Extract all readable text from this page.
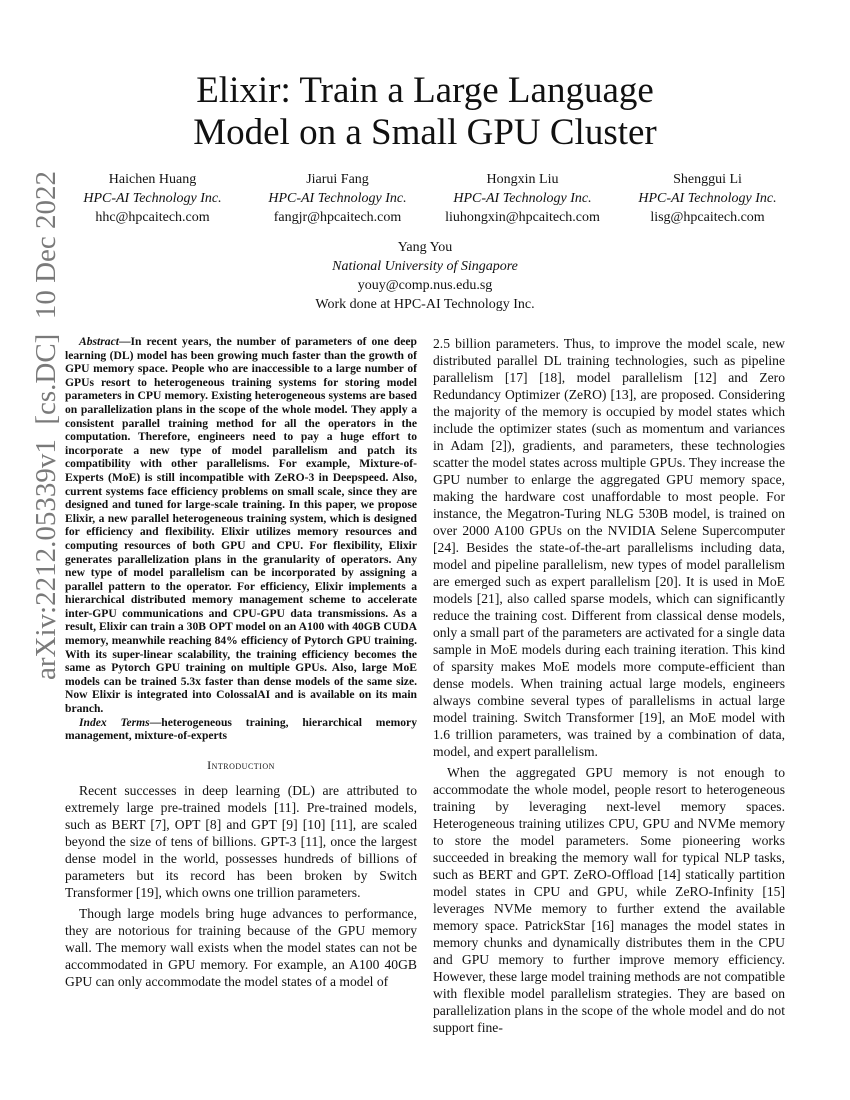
Elixir: Train a Large Language
Model on a Small GPU Cluster
Haichen Huang
HPC-AI Technology Inc.
hhc@hpcaitech.com
Jiarui Fang
HPC-AI Technology Inc.
fangjr@hpcaitech.com
Hongxin Liu
HPC-AI Technology Inc.
liuhongxin@hpcaitech.com
Shenggui Li
HPC-AI Technology Inc.
lisg@hpcaitech.com
Yang You
National University of Singapore
youy@comp.nus.edu.sg
Work done at HPC-AI Technology Inc.
arXiv:2212.05339v1  [cs.DC]  10 Dec 2022	Abstract—In recent years, the number of parameters of one deep learning (DL) model has been growing much faster than the growth of GPU memory space. People who are inaccessible to a large number of GPUs resort to heterogeneous training systems for storing model parameters in CPU memory. Existing heterogeneous systems are based on parallelization plans in the scope of the whole model. They apply a consistent parallel training method for all the operators in the computation. Therefore, engineers need to pay a huge effort to incorporate a new type of model parallelism and patch its compatibility with other parallelisms. For example, Mixture-of-Experts (MoE) is still incompatible with ZeRO-3 in Deepspeed. Also, current systems face efficiency problems on small scale, since they are designed and tuned for large-scale training. In this paper, we propose Elixir, a new parallel heterogeneous training system, which is designed for efficiency and flexibility. Elixir utilizes memory resources and computing resources of both GPU and CPU. For flexibility, Elixir generates parallelization plans in the granularity of operators. Any new type of model parallelism can be incorporated by assigning a parallel pattern to the operator. For efficiency, Elixir implements a hierarchical distributed memory management scheme to accelerate inter-GPU communications and CPU-GPU data transmissions. As a result, Elixir can train a 30B OPT model on an A100 with 40GB CUDA memory, meanwhile reaching 84% efficiency of Pytorch GPU training. With its super-linear scalability, the training efficiency becomes the same as Pytorch GPU training on multiple GPUs. Also, large MoE models can be trained 5.3x faster than dense models of the same size. Now Elixir is integrated into ColossalAI and is available on its main branch.

Index Terms—heterogeneous training, hierarchical memory management, mixture-of-experts

Introduction

Recent successes in deep learning (DL) are attributed to extremely large pre-trained models [11]. Pre-trained models, such as BERT [7], OPT [8] and GPT [9] [10] [11], are scaled beyond the size of tens of billions. GPT-3 [11], once the largest dense model in the world, possesses hundreds of billions of parameters but its record has been broken by Switch Transformer [19], which owns one trillion parameters.

Though large models bring huge advances to performance, they are notorious for training because of the GPU memory wall. The memory wall exists when the model states can not be accommodated in GPU memory. For example, an A100 40GB GPU can only accommodate the model states of a model of

2.5 billion parameters. Thus, to improve the model scale, new distributed parallel DL training technologies, such as pipeline parallelism [17] [18], model parallelism [12] and Zero Redundancy Optimizer (ZeRO) [13], are proposed. Considering the majority of the memory is occupied by model states which include the optimizer states (such as momentum and variances in Adam [2]), gradients, and parameters, these technologies scatter the model states across multiple GPUs. They increase the GPU number to enlarge the aggregated GPU memory space, making the hardware cost unaffordable to most people. For instance, the Megatron-Turing NLG 530B model, is trained on over 2000 A100 GPUs on the NVIDIA Selene Supercomputer [24]. Besides the state-of-the-art parallelisms including data, model and pipeline parallelism, new types of model parallelism are emerged such as expert parallelism [20]. It is used in MoE models [21], also called sparse models, which can significantly reduce the training cost. Different from classical dense models, only a small part of the parameters are activated for a single data sample in MoE models during each training iteration. This kind of sparsity makes MoE models more compute-efficient than dense models. When training actual large models, engineers always combine several types of parallelisms in actual large model training. Switch Transformer [19], an MoE model with 1.6 trillion parameters, was trained by a combination of data, model, and expert parallelism.

When the aggregated GPU memory is not enough to accommodate the whole model, people resort to heterogeneous training by leveraging next-level memory spaces. Heterogeneous training utilizes CPU, GPU and NVMe memory to store the model parameters. Some pioneering works succeeded in breaking the memory wall for typical NLP tasks, such as BERT and GPT. ZeRO-Offload [14] statically partition model states in CPU and GPU, while ZeRO-Infinity [15] leverages NVMe memory to further extend the available memory space. PatrickStar [16] manages the model states in memory chunks and dynamically distributes them in the CPU and GPU memory to further improve memory efficiency. However, these large model training methods are not compatible with flexible model parallelism strategies. They are based on parallelization plans in the scope of the whole model and do not support fine-
